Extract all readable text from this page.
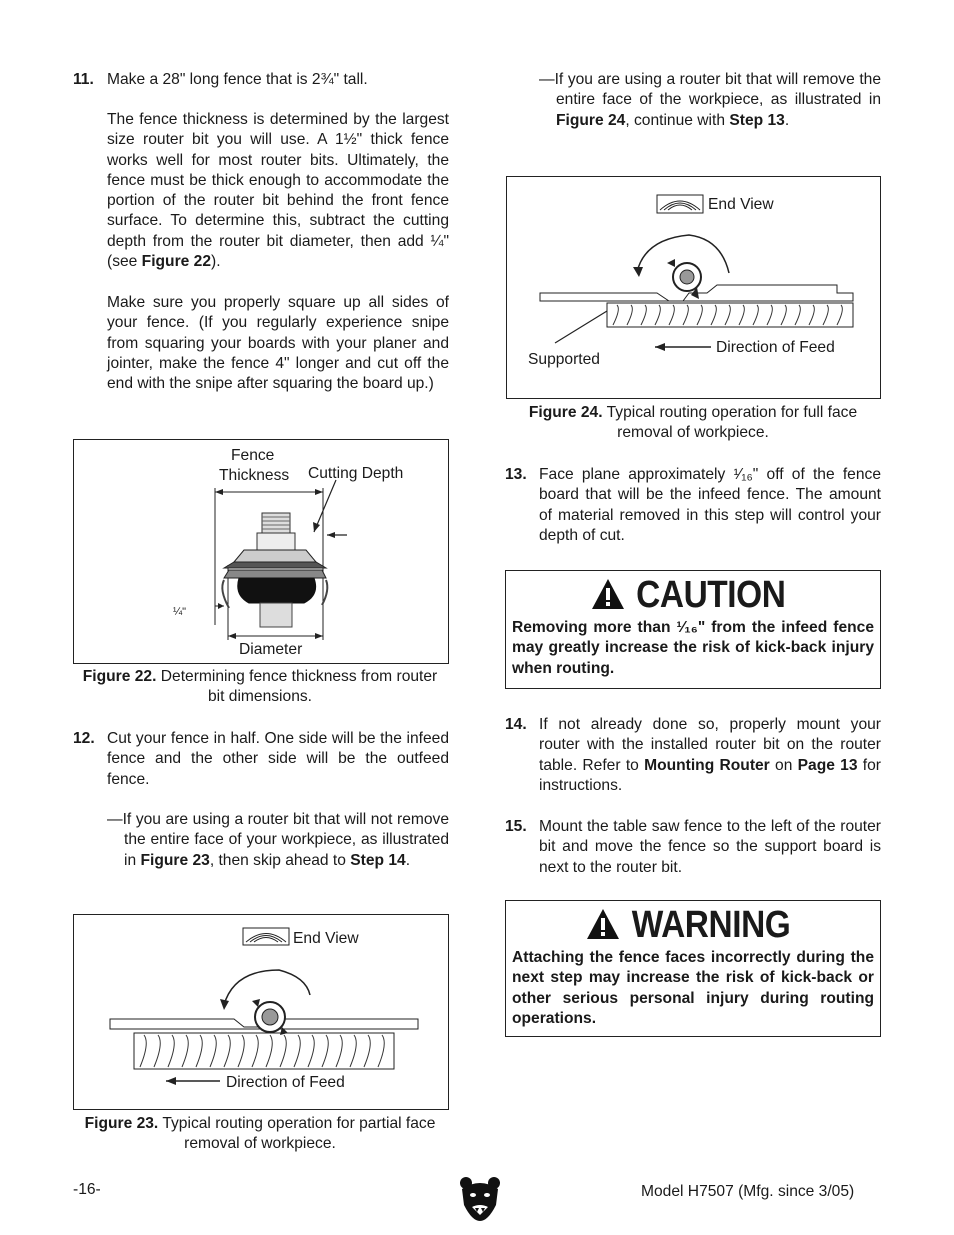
11. Make a 28" long fence that is 2¾" tall.
The fence thickness is determined by the largest size router bit you will use. A 1½" thick fence works well for most router bits. Ultimately, the fence must be thick enough to accommodate the portion of the router bit behind the front fence surface. To determine this, subtract the cutting depth from the router bit diameter, then add ¼" (see Figure 22).
Make sure you properly square up all sides of your fence. (If you regularly experience snipe from squaring your boards with your planer and jointer, make the fence 4" longer and cut off the end with the snipe after squaring the board up.)
Fence
Thickness Cutting Depth
¼"
Diameter
Figure 22. Determining fence thickness from router bit dimensions.
12. Cut your fence in half. One side will be the infeed fence and the other side will be the outfeed fence.
—If you are using a router bit that will not remove the entire face of your workpiece, as illustrated in Figure 23, then skip ahead to Step 14.
End View
Direction of Feed
Figure 23. Typical routing operation for partial face removal of workpiece.
—If you are using a router bit that will remove the entire face of the workpiece, as illustrated in Figure 24, continue with Step 13.
End View
Supported
Direction of Feed
Figure 24. Typical routing operation for full face removal of workpiece.
13. Face plane approximately ¹⁄₁₆" off of the fence board that will be the infeed fence. The amount of material removed in this step will control your depth of cut.
CAUTION
Removing more than ¹⁄₁₆" from the infeed fence may greatly increase the risk of kick-back injury when routing.
14. If not already done so, properly mount your router with the installed router bit on the router table. Refer to Mounting Router on Page 13 for instructions.
15. Mount the table saw fence to the left of the router bit and move the fence so the support board is next to the router bit.
WARNING
Attaching the fence faces incorrectly during the next step may increase the risk of kick-back or other serious personal injury during routing operations.
-16-	Model H7507 (Mfg. since 3/05)
